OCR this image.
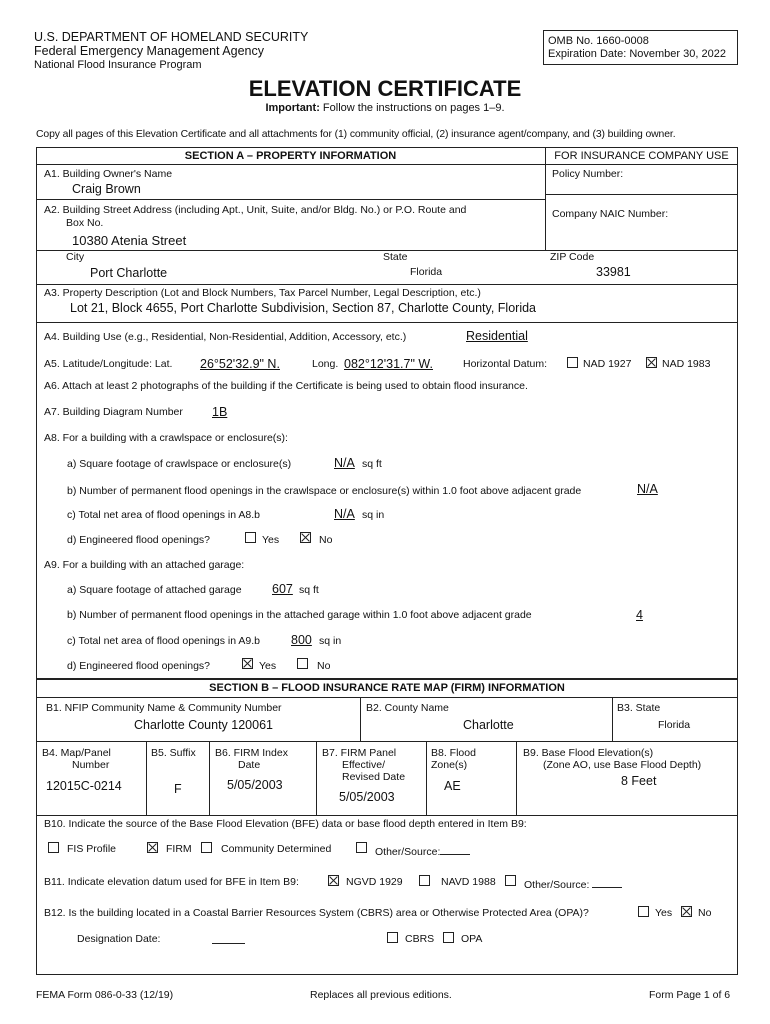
U.S. DEPARTMENT OF HOMELAND SECURITY
Federal Emergency Management Agency
National Flood Insurance Program
OMB No. 1660-0008
Expiration Date: November 30, 2022
ELEVATION CERTIFICATE
Important: Follow the instructions on pages 1–9.
Copy all pages of this Elevation Certificate and all attachments for (1) community official, (2) insurance agent/company, and (3) building owner.
SECTION A – PROPERTY INFORMATION	FOR INSURANCE COMPANY USE
A1. Building Owner's Name
Craig Brown
Policy Number:
A2. Building Street Address (including Apt., Unit, Suite, and/or Bldg. No.) or P.O. Route and
Box No.
10380 Atenia Street
Company NAIC Number:
City
Port Charlotte
State
Florida
ZIP Code
33981
A3. Property Description (Lot and Block Numbers, Tax Parcel Number, Legal Description, etc.)
Lot 21, Block 4655, Port Charlotte Subdivision, Section 87, Charlotte County, Florida
A4. Building Use (e.g., Residential, Non-Residential, Addition, Accessory, etc.)	Residential
A5. Latitude/Longitude: Lat. 26°52'32.9" N.	Long. 082°12'31.7" W.	Horizontal Datum:	NAD 1927	NAD 1983
A6. Attach at least 2 photographs of the building if the Certificate is being used to obtain flood insurance.
A7. Building Diagram Number 1B
A8. For a building with a crawlspace or enclosure(s):
a) Square footage of crawlspace or enclosure(s)	N/A sq ft
b) Number of permanent flood openings in the crawlspace or enclosure(s) within 1.0 foot above adjacent grade	N/A
c) Total net area of flood openings in A8.b	N/A sq in
d) Engineered flood openings?	Yes	No
A9. For a building with an attached garage:
a) Square footage of attached garage 607 sq ft
b) Number of permanent flood openings in the attached garage within 1.0 foot above adjacent grade	4
c) Total net area of flood openings in A9.b 800 sq in
d) Engineered flood openings?	Yes	No
SECTION B – FLOOD INSURANCE RATE MAP (FIRM) INFORMATION
B1. NFIP Community Name & Community Number
Charlotte County 120061
B2. County Name
Charlotte
B3. State
Florida
B4. Map/Panel
Number
12015C-0214
B5. Suffix
F
B6. FIRM Index
Date
5/05/2003
B7. FIRM Panel
Effective/
Revised Date
5/05/2003
B8. Flood
Zone(s)
AE
B9. Base Flood Elevation(s)
(Zone AO, use Base Flood Depth)
8 Feet
B10. Indicate the source of the Base Flood Elevation (BFE) data or base flood depth entered in Item B9:
FIS Profile	FIRM	Community Determined	Other/Source:
B11. Indicate elevation datum used for BFE in Item B9:	NGVD 1929	NAVD 1988	Other/Source:
B12. Is the building located in a Coastal Barrier Resources System (CBRS) area or Otherwise Protected Area (OPA)?	Yes No
Designation Date:	CBRS	OPA
FEMA Form 086-0-33 (12/19)	Replaces all previous editions.	Form Page 1 of 6
